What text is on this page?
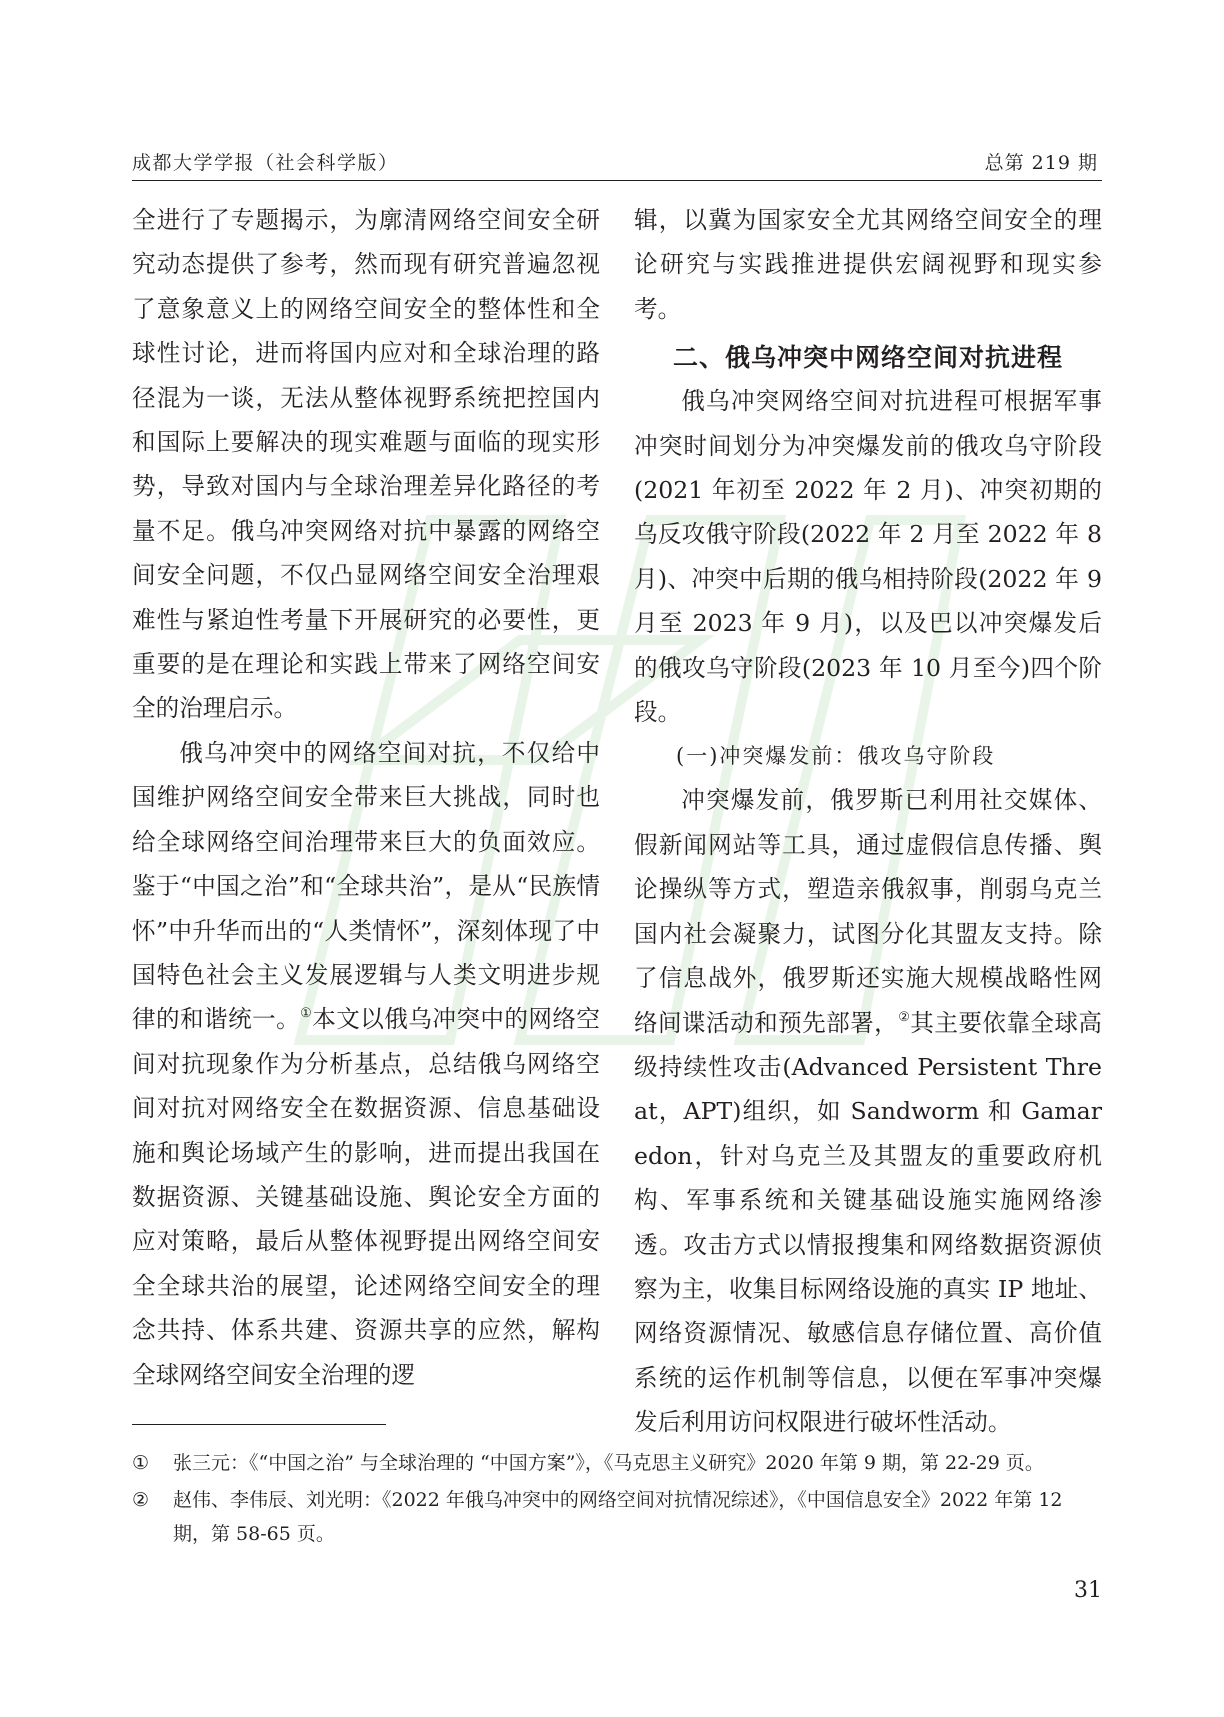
成都大学学报（社会科学版）	总第 219 期

全进行了专题揭示，为廓清网络空间安全研究动态提供了参考，然而现有研究普遍忽视了意象意义上的网络空间安全的整体性和全球性讨论，进而将国内应对和全球治理的路径混为一谈，无法从整体视野系统把控国内和国际上要解决的现实难题与面临的现实形势，导致对国内与全球治理差异化路径的考量不足。俄乌冲突网络对抗中暴露的网络空间安全问题，不仅凸显网络空间安全治理艰难性与紧迫性考量下开展研究的必要性，更重要的是在理论和实践上带来了网络空间安全的治理启示。

俄乌冲突中的网络空间对抗，不仅给中国维护网络空间安全带来巨大挑战，同时也给全球网络空间治理带来巨大的负面效应。鉴于“中国之治”和“全球共治”，是从“民族情怀”中升华而出的“人类情怀”，深刻体现了中国特色社会主义发展逻辑与人类文明进步规律的和谐统一。①本文以俄乌冲突中的网络空间对抗现象作为分析基点，总结俄乌网络空间对抗对网络安全在数据资源、信息基础设施和舆论场域产生的影响，进而提出我国在数据资源、关键基础设施、舆论安全方面的应对策略，最后从整体视野提出网络空间安全全球共治的展望，论述网络空间安全的理念共持、体系共建、资源共享的应然，解构全球网络空间安全治理的逻

辑，以冀为国家安全尤其网络空间安全的理论研究与实践推进提供宏阔视野和现实参考。

二、俄乌冲突中网络空间对抗进程

俄乌冲突网络空间对抗进程可根据军事冲突时间划分为冲突爆发前的俄攻乌守阶段(2021 年初至 2022 年 2 月)、冲突初期的乌反攻俄守阶段(2022 年 2 月至 2022 年 8 月)、冲突中后期的俄乌相持阶段(2022 年 9 月至 2023 年 9 月)，以及巴以冲突爆发后的俄攻乌守阶段(2023 年 10 月至今)四个阶段。

(一)冲突爆发前：俄攻乌守阶段

冲突爆发前，俄罗斯已利用社交媒体、假新闻网站等工具，通过虚假信息传播、舆论操纵等方式，塑造亲俄叙事，削弱乌克兰国内社会凝聚力，试图分化其盟友支持。除了信息战外，俄罗斯还实施大规模战略性网络间谍活动和预先部署，②其主要依靠全球高级持续性攻击(Advanced Persistent Threat，APT)组织，如 Sandworm 和 Gamaredon，针对乌克兰及其盟友的重要政府机构、军事系统和关键基础设施实施网络渗透。攻击方式以情报搜集和网络数据资源侦察为主，收集目标网络设施的真实 IP 地址、网络资源情况、敏感信息存储位置、高价值系统的运作机制等信息，以便在军事冲突爆发后利用访问权限进行破坏性活动。

① 张三元：《“中国之治” 与全球治理的 “中国方案”》，《马克思主义研究》2020 年第 9 期，第 22-29 页。

② 赵伟、李伟辰、刘光明：《2022 年俄乌冲突中的网络空间对抗情况综述》，《中国信息安全》2022 年第 12 期，第 58-65 页。

31
